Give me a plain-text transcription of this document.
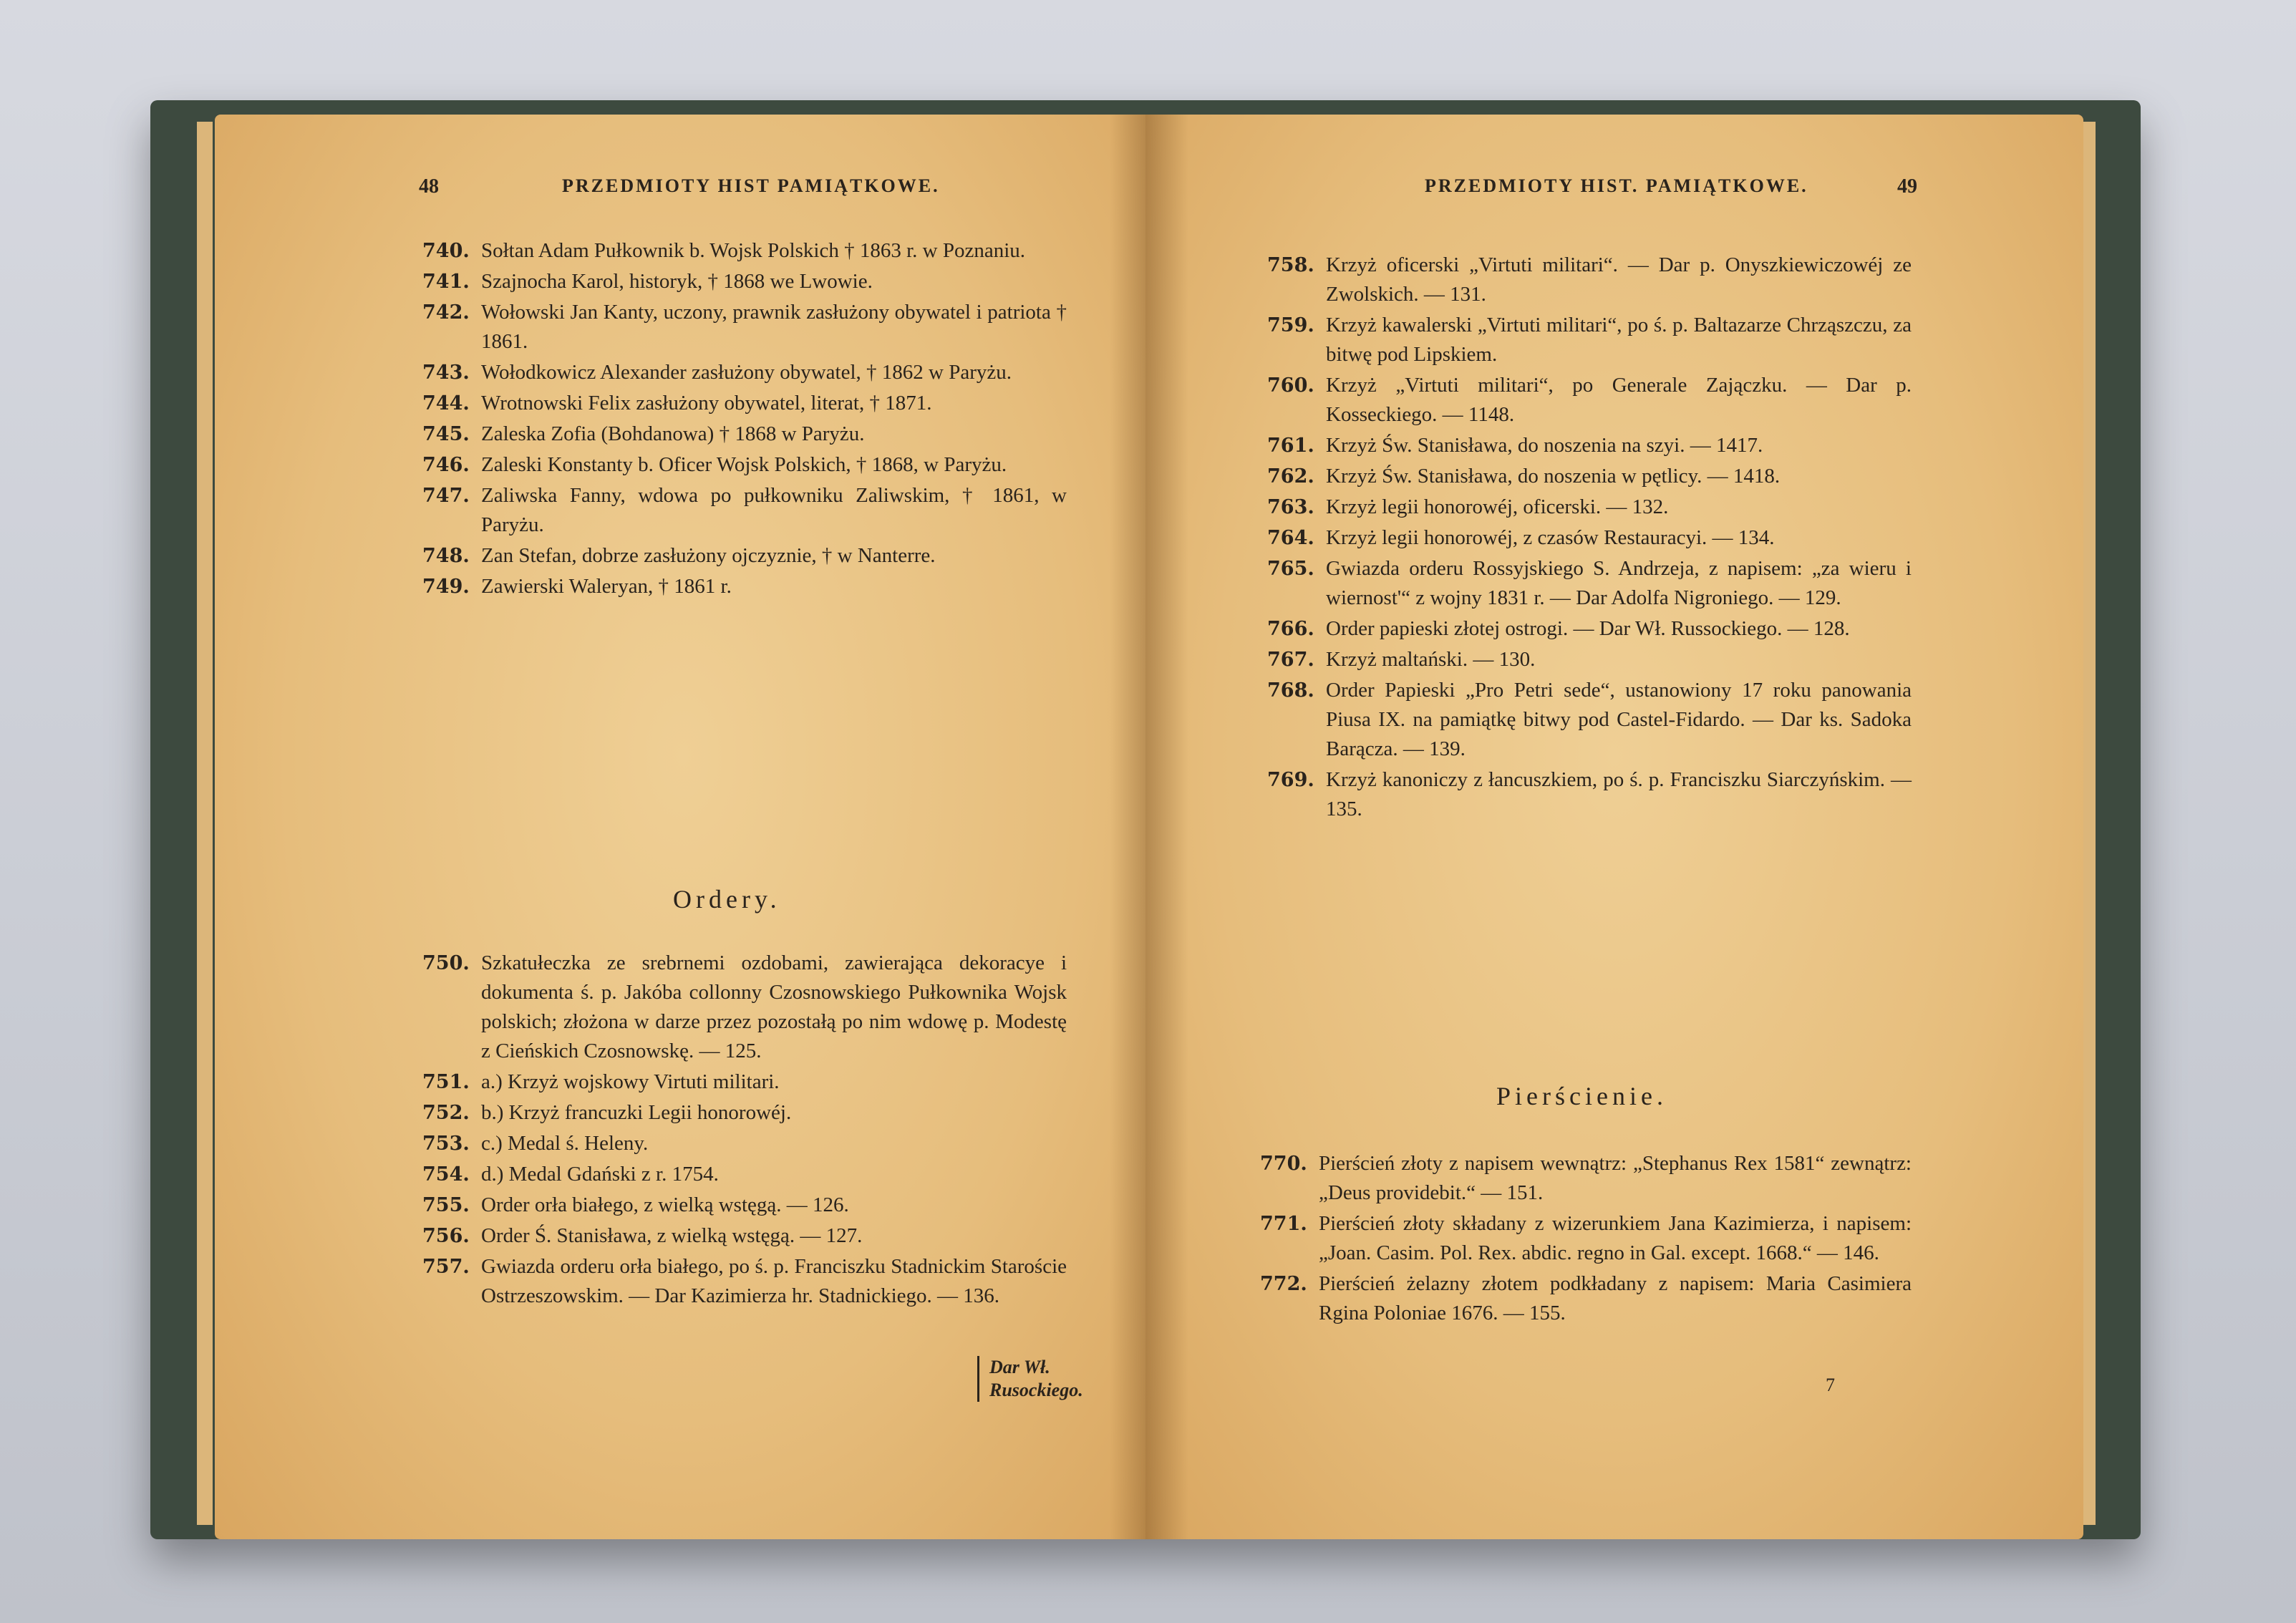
48	PRZEDMIOTY HIST PAMIĄTKOWE.
740. Sołtan Adam Pułkownik b. Wojsk Polskich † 1863 r. w Poznaniu.
741. Szajnocha Karol, historyk, † 1868 we Lwowie.
742. Wołowski Jan Kanty, uczony, prawnik zasłużony obywatel i patriota † 1861.
743. Wołodkowicz Alexander zasłużony obywatel, † 1862 w Paryżu.
744. Wrotnowski Felix zasłużony obywatel, literat, † 1871.
745. Zaleska Zofia (Bohdanowa) † 1868 w Paryżu.
746. Zaleski Konstanty b. Oficer Wojsk Polskich, † 1868, w Paryżu.
747. Zaliwska Fanny, wdowa po pułkowniku Zaliwskim, † 1861, w Paryżu.
748. Zan Stefan, dobrze zasłużony ojczyznie, † w Nanterre.
749. Zawierski Waleryan, † 1861 r.
Ordery.
750. Szkatułeczka ze srebrnemi ozdobami, zawierająca dekoracye i dokumenta ś. p. Jakóba collonny Czosnowskiego Pułkownika Wojsk polskich; złożona w darze przez pozostałą po nim wdowę p. Modestę z Cieńskich Czosnowskę. — 125.
751. a.) Krzyż wojskowy Virtuti militari.
752. b.) Krzyż francuzki Legii honorowéj.
753. c.) Medal ś. Heleny.
754. d.) Medal Gdański z r. 1754.
755. Order orła białego, z wielką wstęgą. — 126.
756. Order Ś. Stanisława, z wielką wstęgą. — 127.
757. Gwiazda orderu orła białego, po ś. p. Franciszku Stadnickim Staroście Ostrzeszowskim. — Dar Kazimierza hr. Stadnickiego. — 136.
Dar Wł.
Rusockiego.
PRZEDMIOTY HIST. PAMIĄTKOWE.	49
758. Krzyż oficerski „Virtuti militari“. — Dar p. Onyszkiewiczowéj ze Zwolskich. — 131.
759. Krzyż kawalerski „Virtuti militari“, po ś. p. Baltazarze Chrząszczu, za bitwę pod Lipskiem.
760. Krzyż „Virtuti militari“, po Generale Zajączku. — Dar p. Kosseckiego. — 1148.
761. Krzyż Św. Stanisława, do noszenia na szyi. — 1417.
762. Krzyż Św. Stanisława, do noszenia w pętlicy. — 1418.
763. Krzyż legii honorowéj, oficerski. — 132.
764. Krzyż legii honorowéj, z czasów Restauracyi. — 134.
765. Gwiazda orderu Rossyjskiego S. Andrzeja, z napisem: „za wieru i wiernost'“ z wojny 1831 r. — Dar Adolfa Nigroniego. — 129.
766. Order papieski złotej ostrogi. — Dar Wł. Russockiego. — 128.
767. Krzyż maltański. — 130.
768. Order Papieski „Pro Petri sede“, ustanowiony 17 roku panowania Piusa IX. na pamiątkę bitwy pod Castel-Fidardo. — Dar ks. Sadoka Barącza. — 139.
769. Krzyż kanoniczy z łancuszkiem, po ś. p. Franciszku Siarczyńskim. — 135.
Pierścienie.
770. Pierścień złoty z napisem wewnątrz: „Stephanus Rex 1581“ zewnątrz: „Deus providebit.“ — 151.
771. Pierścień złoty składany z wizerunkiem Jana Kazimierza, i napisem: „Joan. Casim. Pol. Rex. abdic. regno in Gal. except. 1668.“ — 146.
772. Pierścień żelazny złotem podkładany z napisem: Maria Casimiera Rgina Poloniae 1676. — 155.
7
